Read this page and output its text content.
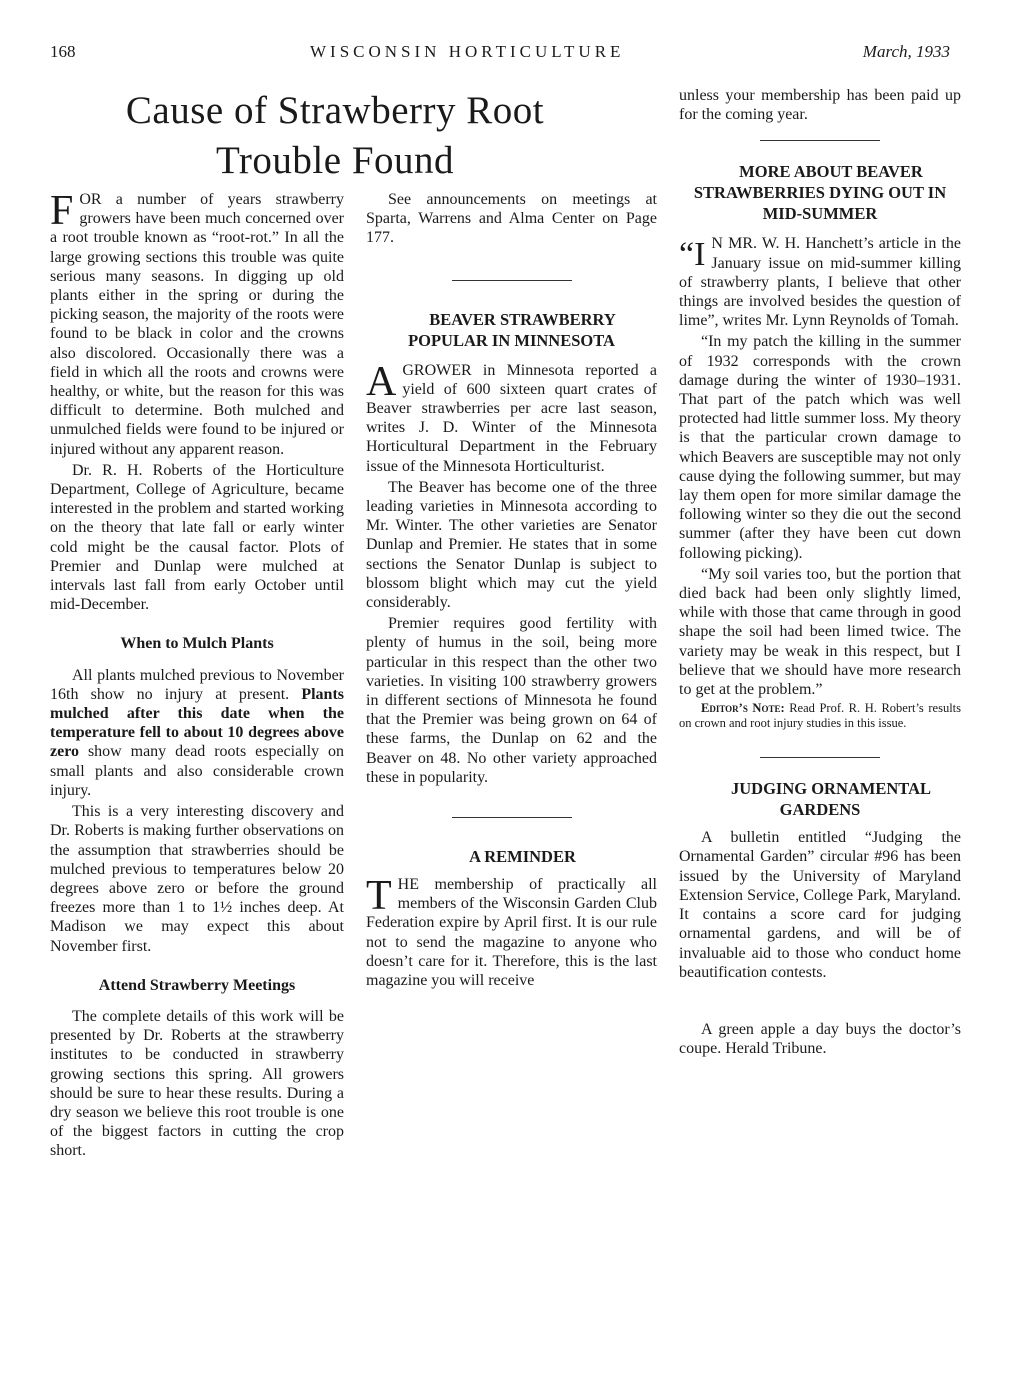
168	WISCONSIN HORTICULTURE	March, 1933
Cause of Strawberry Root
Trouble Found

FOR a number of years strawberry growers have been much concerned over a root trouble known as “root-rot.” In all the large growing sections this trouble was quite serious many seasons. In digging up old plants either in the spring or during the picking season, the majority of the roots were found to be black in color and the crowns also discolored. Occasionally there was a field in which all the roots and crowns were healthy, or white, but the reason for this was difficult to determine. Both mulched and unmulched fields were found to be injured or injured without any apparent reason.

Dr. R. H. Roberts of the Horticulture Department, College of Agriculture, became interested in the problem and started working on the theory that late fall or early winter cold might be the causal factor. Plots of Premier and Dunlap were mulched at intervals last fall from early October until mid-December.

When to Mulch Plants

All plants mulched previous to November 16th show no injury at present. Plants mulched after this date when the temperature fell to about 10 degrees above zero show many dead roots especially on small plants and also considerable crown injury.

This is a very interesting discovery and Dr. Roberts is making further observations on the assumption that strawberries should be mulched previous to temperatures below 20 degrees above zero or before the ground freezes more than 1 to 1½ inches deep. At Madison we may expect this about November first.

Attend Strawberry Meetings

The complete details of this work will be presented by Dr. Roberts at the strawberry institutes to be conducted in strawberry growing sections this spring. All growers should be sure to hear these results. During a dry season we believe this root trouble is one of the biggest factors in cutting the crop short.

See announcements on meetings at Sparta, Warrens and Alma Center on Page 177.

BEAVER STRAWBERRY POPULAR IN MINNESOTA

AGROWER in Minnesota reported a yield of 600 sixteen quart crates of Beaver strawberries per acre last season, writes J. D. Winter of the Minnesota Horticultural Department in the February issue of the Minnesota Horticulturist.

The Beaver has become one of the three leading varieties in Minnesota according to Mr. Winter. The other varieties are Senator Dunlap and Premier. He states that in some sections the Senator Dunlap is subject to blossom blight which may cut the yield considerably.

Premier requires good fertility with plenty of humus in the soil, being more particular in this respect than the other two varieties. In visiting 100 strawberry growers in different sections of Minnesota he found that the Premier was being grown on 64 of these farms, the Dunlap on 62 and the Beaver on 48. No other variety approached these in popularity.

A REMINDER

THE membership of practically all members of the Wisconsin Garden Club Federation expire by April first. It is our rule not to send the magazine to anyone who doesn’t care for it. Therefore, this is the last magazine you will receive

unless your membership has been paid up for the coming year.

MORE ABOUT BEAVER STRAWBERRIES DYING OUT IN MID-SUMMER

“I N MR. W. H. Hanchett’s article in the January issue on mid-summer killing of strawberry plants, I believe that other things are involved besides the question of lime”, writes Mr. Lynn Reynolds of Tomah.

“In my patch the killing in the summer of 1932 corresponds with the crown damage during the winter of 1930–1931. That part of the patch which was well protected had little summer loss. My theory is that the particular crown damage to which Beavers are susceptible may not only cause dying the following summer, but may lay them open for more similar damage the following winter so they die out the second summer (after they have been cut down following picking).

“My soil varies too, but the portion that died back had been only slightly limed, while with those that came through in good shape the soil had been limed twice. The variety may be weak in this respect, but I believe that we should have more research to get at the problem.”

Editor’s Note: Read Prof. R. H. Robert’s results on crown and root injury studies in this issue.

JUDGING ORNAMENTAL GARDENS

A bulletin entitled “Judging the Ornamental Garden” circular #96 has been issued by the University of Maryland Extension Service, College Park, Maryland. It contains a score card for judging ornamental gardens, and will be of invaluable aid to those who conduct home beautification contests.

A green apple a day buys the doctor’s coupe. Herald Tribune.
